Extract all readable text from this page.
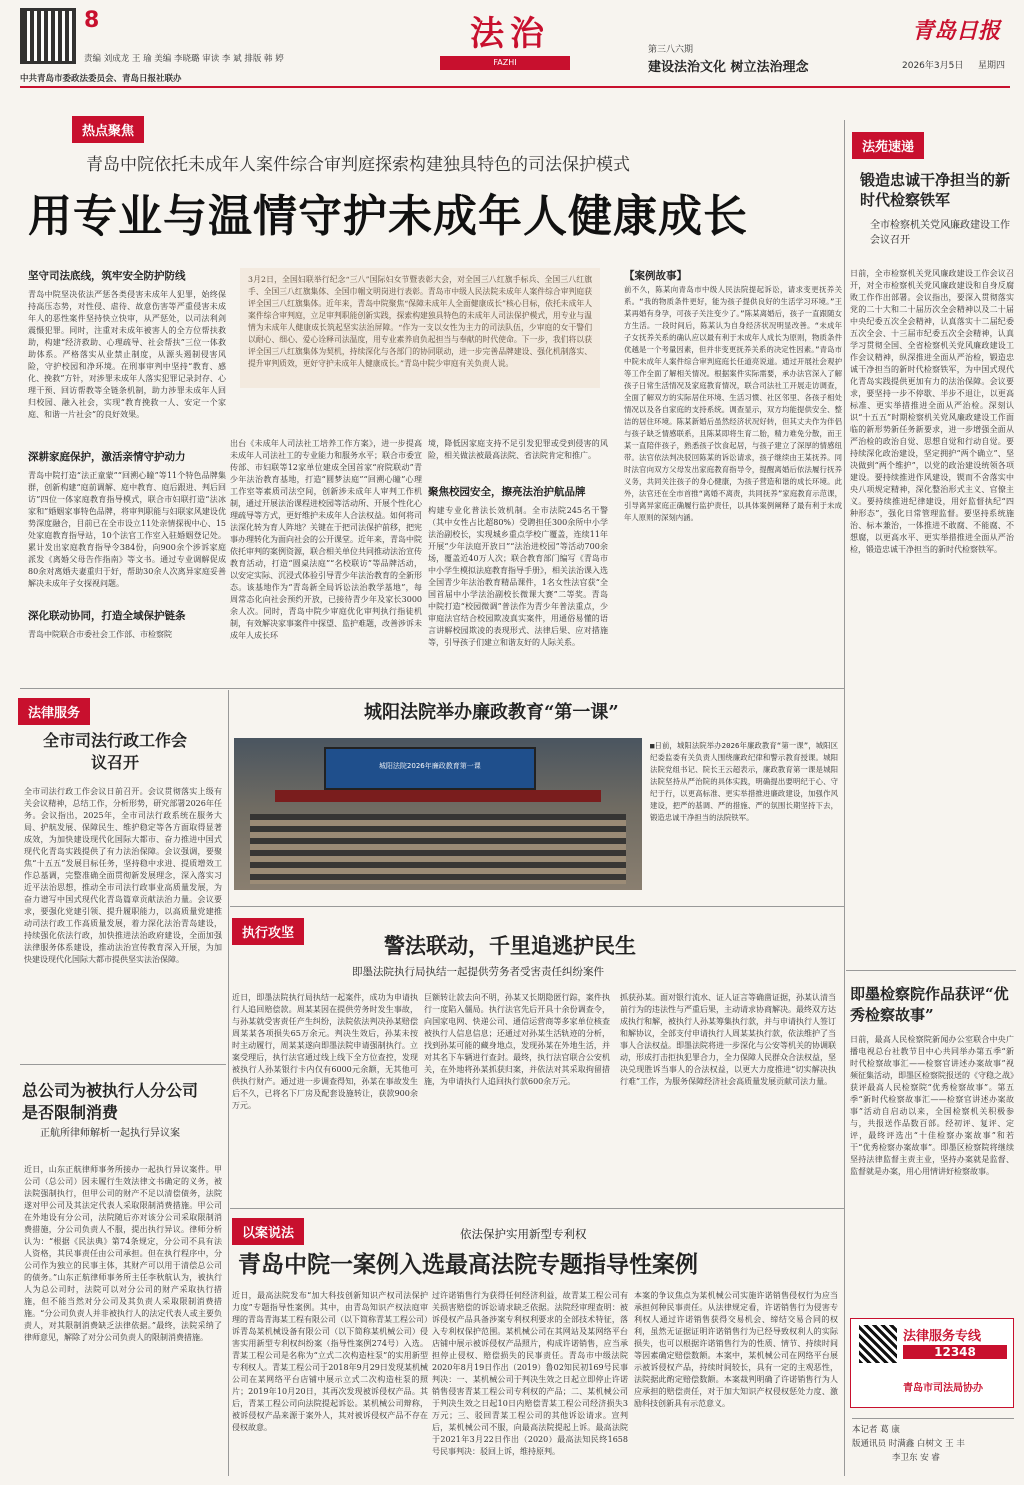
8
责编 刘成龙 王 瑜 美编 李晓璐 审读 李 斌 排版 韩 婷
中共青岛市委政法委员会、青岛日报社联办
法治
FAZHI
第三八六期
建设法治文化 树立法治理念
青岛日报
2026年3月5日 星期四
热点聚焦
青岛中院依托未成年人案件综合审判庭探索构建独具特色的司法保护模式
用专业与温情守护未成年人健康成长
3月2日，全国妇联举行纪念“三八”国际妇女节暨表彰大会，对全国三八红旗手标兵、全国三八红旗手、全国三八红旗集体、全国巾帼文明岗进行表彰。青岛市中级人民法院未成年人案件综合审判庭获评全国三八红旗集体。近年来，青岛中院聚焦“保障未成年人全面健康成长”核心目标，依托未成年人案件综合审判庭，立足审判职能创新实践，探索构建独具特色的未成年人司法保护模式，用专业与温情为未成年人健康成长筑起坚实法治屏障。“作为一支以女性为主力的司法队伍，少审庭的女干警们以耐心、细心、爱心诠释司法温度，用专业素养肩负起担当与奉献的时代使命。下一步，我们将以获评全国三八红旗集体为契机，持续深化与各部门的协同联动，进一步完善品牌建设、强化机制落实、提升审判质效，更好守护未成年人健康成长。”青岛中院少审庭有关负责人说。
坚守司法底线，筑牢安全防护防线
青岛中院坚决依法严惩各类侵害未成年人犯罪，始终保持高压态势，对性侵、虐待、故意伤害等严重侵害未成年人的恶性案件坚持快立快审，从严惩处，以司法利剑震慑犯罪。同时，注重对未成年被害人的全方位帮扶救助，构建“经济救助、心理疏导、社会帮扶”三位一体救助体系。严格落实从业禁止制度，从源头遏制侵害风险，守护校园和净环境。在刑事审判中坚持“教育、感化、挽救”方针，对涉罪未成年人落实犯罪记录封存、心理干预、回访帮教等全链条机制，助力涉罪未成年人回归校园、融入社会，实现“教育挽救一人、安定一个家庭、和谐一片社会”的良好效果。
深耕家庭保护，激活亲情守护动力
青岛中院打造“法正童蒙”“回溯心瞳”等11个特色品牌集群，创新构建“庭前调解、庭中教育、庭后跟进、判后回访”四位一体家庭教育指导模式，联合市妇联打造“法冰家和”婚姻家事特色品牌，将审判职能与妇联家风建设优势深度融合，目前已在全市设立11处亲情探视中心、15处家庭教育指导站，10个法官工作室入驻婚姻登记处。累计发出家庭教育指导令384份，向900余个涉诉家庭派发《离婚父母告作指南》等文书。通过专业调解促成80余对离婚夫妻重归于好，帮助30余人次离异家庭妥善解决未成年子女探视问题。
深化联动协同，打造全域保护链条
青岛中院联合市委社会工作部、市检察院
出台《未成年人司法社工培养工作方案》，进一步提高未成年人司法社工的专业能力和服务水平；联合市委宣传部、市妇联等12家单位建成全国首家“府院联动”青少年法治教育基地，打造“圆梦法庭”“回溯心瞳”心理工作室等素质司法空间，创新涉未成年人审判工作机制，通过开展法治课程进校园等活动所、开展个性化心理疏导等方式，更好维护未成年人合法权益。如何将司法深化转为育人阵地？关键在于把司法保护前移，把宪事办理转化为面向社会的公开课堂。近年来，青岛中院依托审判的案例资源，联合相关单位共同推动法治宣传教育活动，打造“圆桌法庭”“名校联访”等品牌活动，以安定实际、沉浸式体验引导青少年法治教育的全新形态。该基地作为“青岛新全局诉讼法治教学基地”，每周常态化向社会预约开放，已接待青少年及家长3000余人次。同时，青岛中院少审庭优化审判执行指徒机制，有效解决家事案件中探望、监护难题，改善涉诉未成年人成长环
境，降低因家庭支持不足引发犯罪或受到侵害的风险，相关做法被最高法院、省法院肯定和推广。
聚焦校园安全，擦亮法治护航品牌
构建专业化普法长效机制。全市法院245名干警（其中女性占比超80%）受聘担任300余所中小学法治副校长，实现城乡重点学校广覆盖，连续11年开展“少年法庭开放日”“法治进校园”等活动700余场，覆盖近40万人次；联合教育部门编写《青岛市中小学生模拟法庭教育指导手册》，相关法治课入选全国青少年法治教育精品课件，1名女性法官获“全国首届中小学法治副校长微课大赛”二等奖。青岛中院打造“校园微调”普法作为青少年普法重点，少审庭法官结合校园欺凌真实案件，用通俗易懂的语言讲解校园欺凌的表现形式、法律后果、应对措施等，引导孩子们建立和谐友好的人际关系。
【案例故事】
前不久，陈某向青岛市中级人民法院提起诉讼，请求变更抚养关系。“我的物质条件更好，能为孩子提供良好的生活学习环境。”王某再婚有身孕，可孩子关注变少了。”陈某离婚后，孩子一直跟随女方生活。一段时间后，陈某认为自身经济状况明显改善。“未成年子女抚养关系的确认应以最有利于未成年人成长为原则，物质条件优越是一个考量因素，但并非变更抚养关系的决定性因素。”青岛市中院未成年人案件综合审判庭庭长任道亮说道。通过开展社会观护等工作全面了解相关情况。根据案件实际需要，承办法官深入了解孩子日常生活情况及家庭教育情况，联合司法社工开展走访调查，全面了解双方的实际居住环境、生活习惯、社区邻里、各孩子相处情况以及各自家庭的支持系统。调查显示，双方均能提供安全、整洁的居住环境。陈某新婚后虽然经济状况好转，但其丈夫作为伴侣与孩子缺乏情感联系，且陈某即将生育二胎，精力难免分散，而王某一直陪伴孩子，熟悉孩子饮食起居，与孩子建立了深厚的情感纽带。法官依法判决驳回陈某的诉讼请求，孩子继续由王某抚养。同时法官向双方父母发出家庭教育指导令，提醒离婚后依法履行抚养义务，共同关注孩子的身心健康，为孩子营造和谐的成长环境。此外，法官还在全市首推“离婚不离责，共同抚养”家庭教育示范课，引导离异家庭正确履行监护责任，以具体案例阐释了最有利于未成年人原则的深刻内涵。
法苑速递
锻造忠诚干净担当的新时代检察铁军
全市检察机关党风廉政建设工作会议召开
日前，全市检察机关党风廉政建设工作会议召开，对全市检察机关党风廉政建设和自身反腐败工作作出部署。会议指出，要深入贯彻落实党的二十大和二十届历次全会精神以及二十届中央纪委五次全会精神，认真落实十二届纪委五次全会、十三届市纪委五次全会精神，认真学习贯彻全国、全省检察机关党风廉政建设工作会议精神，纵深推进全面从严治检，锻造忠诚干净担当的新时代检察铁军，为中国式现代化青岛实践提供更加有力的法治保障。会议要求，要坚持一步不停歇、半步不退让，以更高标准、更实举措推进全面从严治检。深刻认识“十五五”时期检察机关党风廉政建设工作面临的新形势新任务新要求，进一步增强全面从严治检的政治自觉、思想自觉和行动自觉。要持续深化政治建设，坚定拥护“两个确立”、坚决做到“两个维护”，以党的政治建设统领各项建设。要持续推进作风建设，锲而不舍落实中央八项规定精神，深化整治形式主义、官僚主义。要持续推进纪律建设，用好监督执纪“四种形态”，强化日常管理监督。要坚持系统施治、标本兼治，一体推进不敢腐、不能腐、不想腐，以更高水平、更实举措推进全面从严治检，锻造忠诚干净担当的新时代检察铁军。
即墨检察院作品获评“优秀检察故事”
日前，最高人民检察院新闻办公室联合中央广播电视总台社教节目中心共同举办第五季“新时代检察故事汇——检察官讲述办案故事”视频征集活动，即墨区检察院报送的《守稳之战》获评最高人民检察院“优秀检察故事”。第五季“新时代检察故事汇——检察官讲述办案故事”活动自启动以来，全国检察机关积极参与，共报送作品数百部。经初评、复评、定评，最终评选出“十佳检察办案故事”和若干“优秀检察办案故事”。即墨区检察院将继续坚持法律监督主责主业，坚持办案就是监督、监督就是办案，用心用情讲好检察故事。
法律服务专线
12348
青岛市司法局协办
法律服务
全市司法行政工作会议召开
全市司法行政工作会议日前召开。会议贯彻落实上级有关会议精神，总结工作，分析形势，研究部署2026年任务。会议指出，2025年，全市司法行政系统在服务大局、护航发展、保障民生、维护稳定等各方面取得显著成效，为加快建设现代化国际大都市、奋力推进中国式现代化青岛实践提供了有力法治保障。会议强调，要聚焦“十五五”发展目标任务，坚持稳中求进、提质增效工作总基调，完整准确全面贯彻新发展理念，深入落实习近平法治思想，推动全市司法行政事业高质量发展，为奋力谱写中国式现代化青岛篇章贡献法治力量。会议要求，要强化党建引领、提升履职能力，以高质量党建推动司法行政工作高质量发展，着力深化法治青岛建设，持续强化依法行政，加快推进法治政府建设，全面加强法律服务体系建设，推动法治宣传教育深入开展，为加快建设现代化国际大都市提供坚实法治保障。
总公司为被执行人分公司是否限制消费
正航所律师解析一起执行异议案
近日，山东正航律师事务所接办一起执行异议案件。甲公司（总公司）因未履行生效法律文书确定的义务，被法院强制执行，但甲公司的财产不足以清偿债务，法院遂对甲公司及其法定代表人采取限制消费措施。甲公司在外地设有分公司，法院随后亦对该分公司采取限制消费措施，分公司负责人不服，提出执行异议。律师分析认为：“根据《民法典》第74条规定，分公司不具有法人资格，其民事责任由公司承担。但在执行程序中，分公司作为独立的民事主体，其财产可以用于清偿总公司的债务。”山东正航律师事务所主任李秋航认为，被执行人为总公司时，法院可以对分公司的财产采取执行措施，但不能当然对分公司及其负责人采取限制消费措施。“分公司负责人并非被执行人的法定代表人或主要负责人，对其限制消费缺乏法律依据。”最终，法院采纳了律师意见，解除了对分公司负责人的限制消费措施。
城阳法院举办廉政教育“第一课”
城阳法院2026年廉政教育第一课
■日前，城阳法院举办2026年廉政教育“第一课”，城阳区纪委监委有关负责人围绕廉政纪律和警示教育授课。城阳法院党组书记、院长王云超表示，廉政教育第一课是城阳法院坚持从严治院的具体实践，明确提出要明纪于心、守纪于行，以更高标准、更实举措推进廉政建设，加强作风建设，把严的基调、严的措施、严的氛围长期坚持下去，锻造忠诚干净担当的法院铁军。
执行攻坚	警法联动，千里追逃护民生
即墨法院执行局执结一起提供劳务者受害责任纠纷案件
近日，即墨法院执行局执结一起案件，成功为申请执行人追回赔偿款。周某某因在提供劳务时发生事故，与孙某就受害责任产生纠纷，法院依法判决孙某赔偿周某某各项损失65万余元。判决生效后，孙某未按时主动履行，周某某遂向即墨法院申请强制执行。立案受理后，执行法官通过线上线下全方位查控，发现被执行人孙某银行卡内仅有6000元余额，无其他可供执行财产。通过进一步调查得知，孙某在事故发生后不久，已将名下厂房及配套设施转让，获款900余万元。
巨额转让款去向不明，孙某又长期隐匿行踪，案件执行一度陷入僵局。执行法官先后开具十余份调查令，向国家电网、快递公司、通信运营商等多家单位核查被执行人信息信息；还通过对孙某生活轨迹的分析，找到孙某可能的藏身地点，发现孙某在外地生活，并对其名下车辆进行查封。最终，执行法官联合公安机关，在外地将孙某抓获归案，并依法对其采取拘留措施，为申请执行人追回执行款600余万元。
抓获孙某。面对银行流水、证人证言等确凿证据，孙某认清当前行为的违法性与严重后果，主动请求协商解决。最终双方达成执行和解，被执行人孙某筹集执行款，并与申请执行人签订和解协议，全部支付申请执行人周某某执行款，依法维护了当事人合法权益。即墨法院将进一步深化与公安等机关的协调联动，形成打击拒执犯罪合力，全力保障人民群众合法权益，坚决兑现胜诉当事人的合法权益，以更大力度推进“切实解决执行难”工作，为服务保障经济社会高质量发展贡献司法力量。
以案说法	依法保护实用新型专利权
青岛中院一案例入选最高法院专题指导性案例
近日，最高法院发布“加大科技创新知识产权司法保护力度”专题指导性案例。其中，由青岛知识产权法庭审理的青岛青海某工程有限公司（以下简称青某工程公司）诉青岛某机械设备有限公司（以下简称某机械公司）侵害实用新型专利权纠纷案（指导性案例274号）入选。青某工程公司是名称为“立式二次构造柱泵”的实用新型专利权人。青某工程公司于2018年9月29日发现某机械公司在某网络平台店铺中展示立式二次构造柱泵的照片；2019年10月20日，其再次发现被诉侵权产品。其后，青某工程公司向法院提起诉讼。某机械公司辩称，被诉侵权产品来源于案外人，其对被诉侵权产品不存在侵权故意。
过许诺销售行为获得任何经济利益，故青某工程公司有关损害赔偿的诉讼请求缺乏依据。法院经审理查明：被诉侵权产品具备涉案专利权利要求的全部技术特征，落入专利权保护范围。某机械公司在其网站及某网络平台店铺中展示被诉侵权产品照片，构成许诺销售，应当承担停止侵权、赔偿损失的民事责任。青岛市中级法院2020年8月19日作出（2019）鲁02知民初169号民事判决：一、某机械公司于判决生效之日起立即停止许诺销售侵害青某工程公司专利权的产品；二、某机械公司于判决生效之日起10日内赔偿青某工程公司经济损失3万元；三、驳回青某工程公司的其他诉讼请求。宣判后，某机械公司不服，向最高法院提起上诉。最高法院于2021年3月22日作出（2020）最高法知民终1658号民事判决：驳回上诉，维持原判。
本案的争议焦点为某机械公司实施许诺销售侵权行为应当承担何种民事责任。从法律规定看，许诺销售行为侵害专利权人通过许诺销售获得交易机会、缔结交易合同的权利，虽然无证据证明许诺销售行为已经导致权利人的实际损失，也可以根据许诺销售行为的性质、情节、持续时间等因素确定赔偿数额。本案中，某机械公司在网络平台展示被诉侵权产品，持续时间较长，具有一定的主观恶性，法院据此酌定赔偿数额。本案裁判明确了许诺销售行为人应承担的赔偿责任，对于加大知识产权侵权惩处力度、激励科技创新具有示范意义。
本记者 葛 康
版通讯员 时满鑫 白树文 王 丰
李卫东 安 睿
